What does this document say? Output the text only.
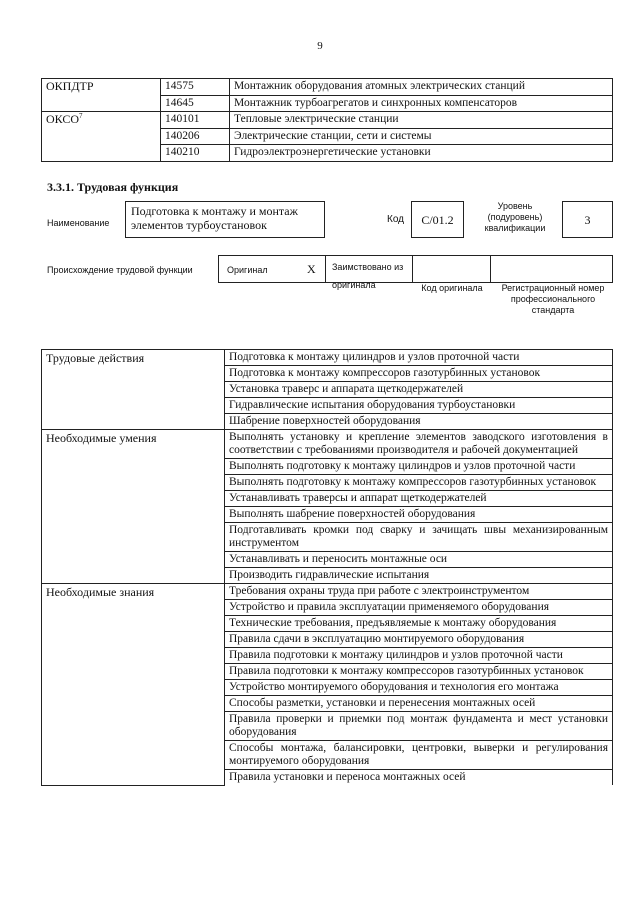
9
ОКПДТР	14575	Монтажник оборудования атомных электрических станций
	14645	Монтажник турбоагрегатов и синхронных компенсаторов
ОКСО$^7$	140101	Тепловые электрические станции
	140206	Электрические станции, сети и системы
	140210	Гидроэлектроэнергетические установки
3.3.1. Трудовая функция
Наименование
Подготовка к монтажу и монтаж элементов турбоустановок	Код	С/01.2
Уровень (подуровень) квалификации
3
Происхождение трудовой функции	Оригинал	X	Заимствовано из оригинала	Код оригинала	Регистрационный номер профессионального стандарта
Трудовые действия	Подготовка к монтажу цилиндров и узлов проточной части
	Подготовка к монтажу компрессоров газотурбинных установок
	Установка траверс и аппарата щеткодержателей
	Гидравлические испытания оборудования турбоустановки
	Шабрение поверхностей оборудования
Необходимые умения	Выполнять установку и крепление элементов заводского изготовления в соответствии с требованиями производителя и рабочей документацией
	Выполнять подготовку к монтажу цилиндров и узлов проточной части
	Выполнять подготовку к монтажу компрессоров газотурбинных установок
	Устанавливать траверсы и аппарат щеткодержателей
	Выполнять шабрение поверхностей оборудования
	Подготавливать кромки под сварку и зачищать швы механизированным инструментом
	Устанавливать и переносить монтажные оси
	Производить гидравлические испытания
Необходимые знания	Требования охраны труда при работе с электроинструментом
	Устройство и правила эксплуатации применяемого оборудования
	Технические требования, предъявляемые к монтажу оборудования
	Правила сдачи в эксплуатацию монтируемого оборудования
	Правила подготовки к монтажу цилиндров и узлов проточной части
	Правила подготовки к монтажу компрессоров газотурбинных установок
	Устройство монтируемого оборудования и технология его монтажа
	Способы разметки, установки и перенесения монтажных осей
	Правила проверки и приемки под монтаж фундамента и мест установки оборудования
	Способы монтажа, балансировки, центровки, выверки и регулирования монтируемого оборудования
	Правила установки и переноса монтажных осей
